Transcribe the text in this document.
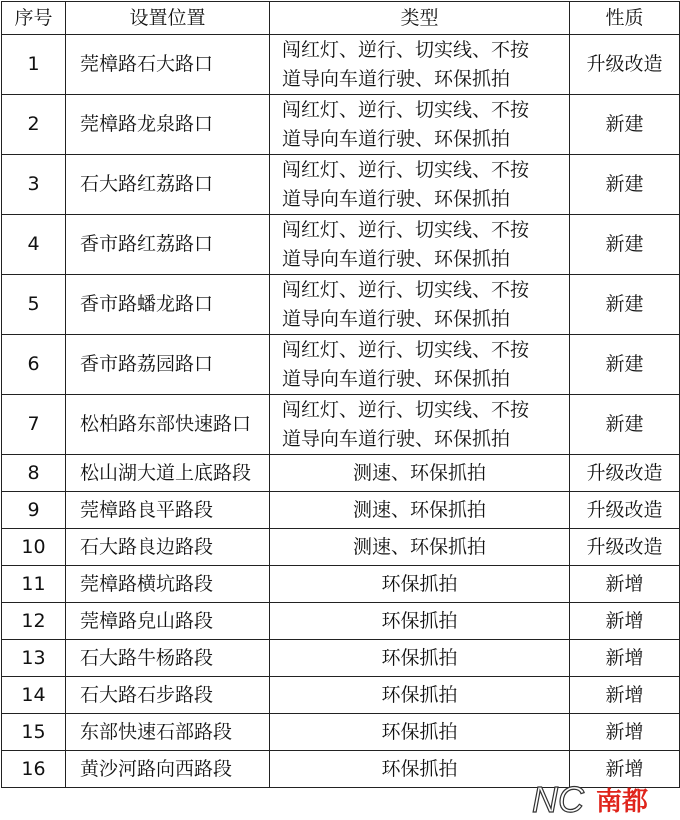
序号	设置位置	类型	性质
1	莞樟路石大路口	闯红灯、逆行、切实线、不按
道导向车道行驶、环保抓拍	升级改造
2	莞樟路龙泉路口	闯红灯、逆行、切实线、不按
道导向车道行驶、环保抓拍	新建
3	石大路红荔路口	闯红灯、逆行、切实线、不按
道导向车道行驶、环保抓拍	新建
4	香市路红荔路口	闯红灯、逆行、切实线、不按
道导向车道行驶、环保抓拍	新建
5	香市路蟠龙路口	闯红灯、逆行、切实线、不按
道导向车道行驶、环保抓拍	新建
6	香市路荔园路口	闯红灯、逆行、切实线、不按
道导向车道行驶、环保抓拍	新建
7	松柏路东部快速路口	闯红灯、逆行、切实线、不按
道导向车道行驶、环保抓拍	新建
8	松山湖大道上底路段	测速、环保抓拍	升级改造
9	莞樟路良平路段	测速、环保抓拍	升级改造
10	石大路良边路段	测速、环保抓拍	升级改造
11	莞樟路横坑路段	环保抓拍	新增
12	莞樟路皃山路段	环保抓拍	新增
13	石大路牛杨路段	环保抓拍	新增
14	石大路石步路段	环保抓拍	新增
15	东部快速石部路段	环保抓拍	新增
16	黄沙河路向西路段	环保抓拍	新增
NC 南都
